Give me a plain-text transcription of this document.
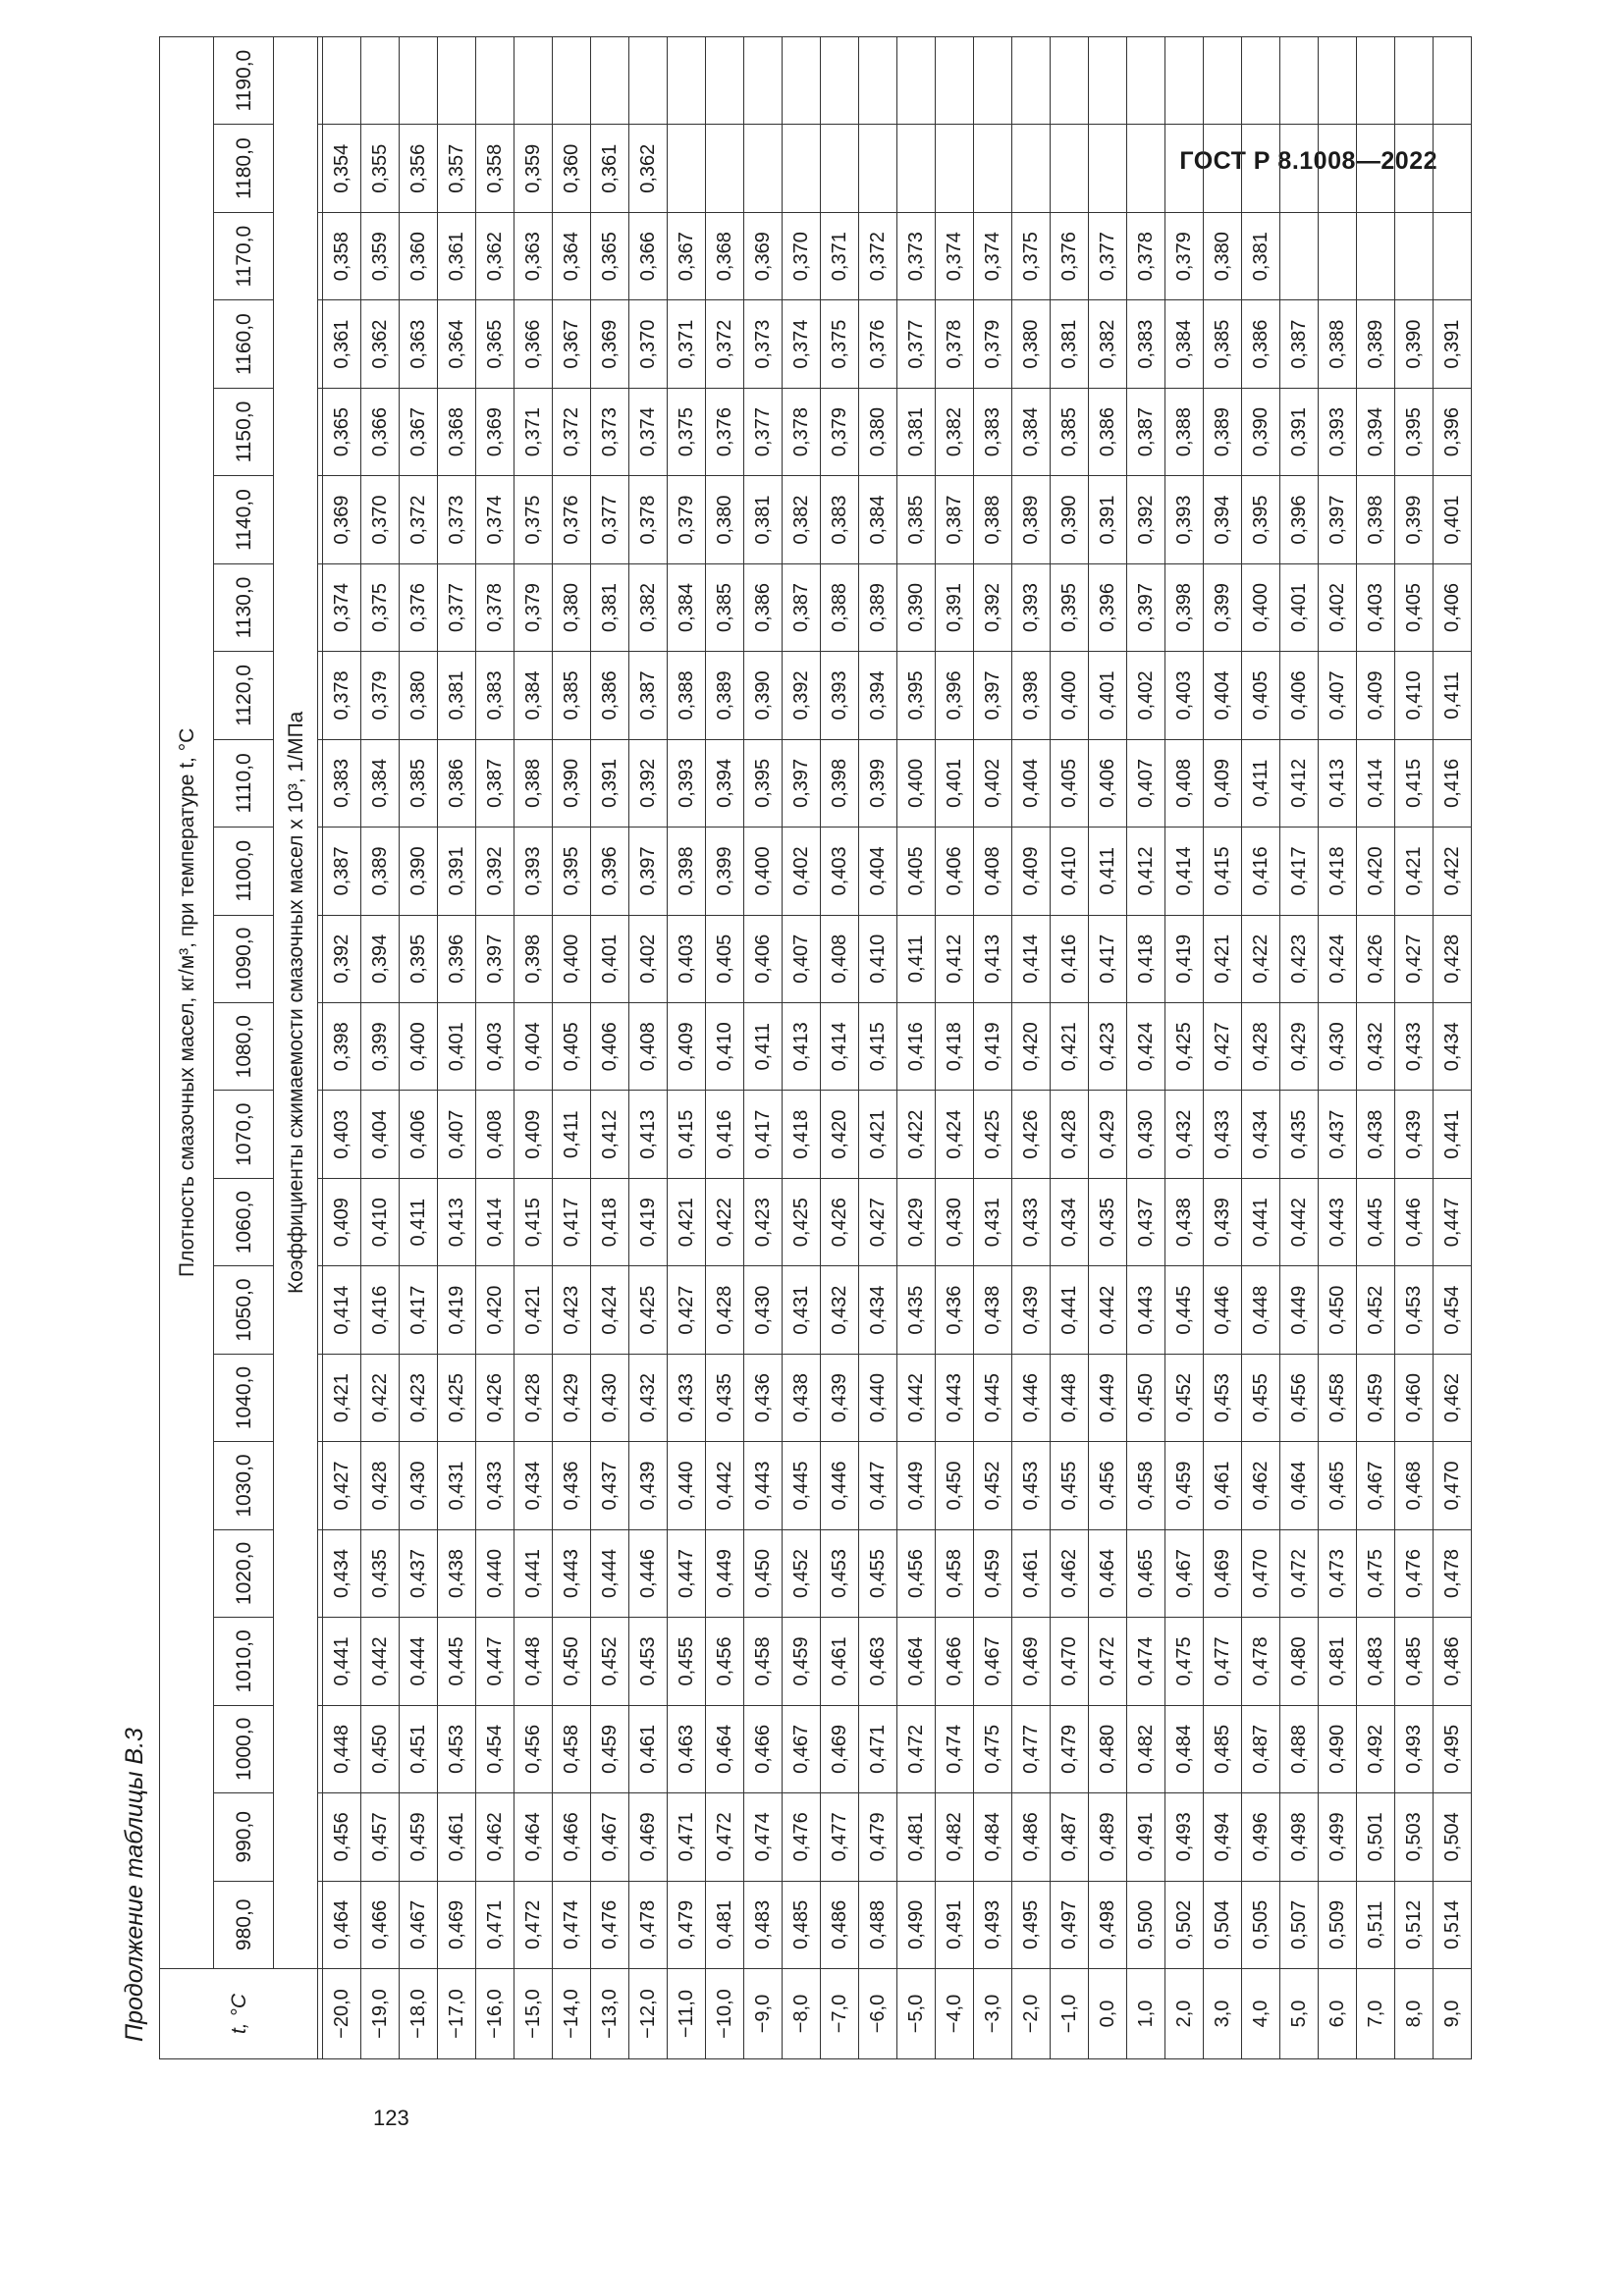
ГОСТ Р 8.1008—2022
Продолжение таблицы В.3	t, °C	Плотность смазочных масел, кг/м³, при температуре t, °C																					
	980,0	990,0	1000,0	1010,0	1020,0	1030,0	1040,0	1050,0	1060,0	1070,0	1080,0	1090,0	1100,0	1110,0	1120,0	1130,0	1140,0	1150,0	1160,0	1170,0	1180,0	1190,0
	Коэффициенты сжимаемости смазочных масел x 10³, 1/МПа																					

−20,0	0,464	0,456	0,448	0,441	0,434	0,427	0,421	0,414	0,409	0,403	0,398	0,392	0,387	0,383	0,378	0,374	0,369	0,365	0,361	0,358	0,354	
−19,0	0,466	0,457	0,450	0,442	0,435	0,428	0,422	0,416	0,410	0,404	0,399	0,394	0,389	0,384	0,379	0,375	0,370	0,366	0,362	0,359	0,355	
−18,0	0,467	0,459	0,451	0,444	0,437	0,430	0,423	0,417	0,411	0,406	0,400	0,395	0,390	0,385	0,380	0,376	0,372	0,367	0,363	0,360	0,356	
−17,0	0,469	0,461	0,453	0,445	0,438	0,431	0,425	0,419	0,413	0,407	0,401	0,396	0,391	0,386	0,381	0,377	0,373	0,368	0,364	0,361	0,357	
−16,0	0,471	0,462	0,454	0,447	0,440	0,433	0,426	0,420	0,414	0,408	0,403	0,397	0,392	0,387	0,383	0,378	0,374	0,369	0,365	0,362	0,358	
−15,0	0,472	0,464	0,456	0,448	0,441	0,434	0,428	0,421	0,415	0,409	0,404	0,398	0,393	0,388	0,384	0,379	0,375	0,371	0,366	0,363	0,359	
−14,0	0,474	0,466	0,458	0,450	0,443	0,436	0,429	0,423	0,417	0,411	0,405	0,400	0,395	0,390	0,385	0,380	0,376	0,372	0,367	0,364	0,360	
−13,0	0,476	0,467	0,459	0,452	0,444	0,437	0,430	0,424	0,418	0,412	0,406	0,401	0,396	0,391	0,386	0,381	0,377	0,373	0,369	0,365	0,361	
−12,0	0,478	0,469	0,461	0,453	0,446	0,439	0,432	0,425	0,419	0,413	0,408	0,402	0,397	0,392	0,387	0,382	0,378	0,374	0,370	0,366	0,362	
−11,0	0,479	0,471	0,463	0,455	0,447	0,440	0,433	0,427	0,421	0,415	0,409	0,403	0,398	0,393	0,388	0,384	0,379	0,375	0,371	0,367		
−10,0	0,481	0,472	0,464	0,456	0,449	0,442	0,435	0,428	0,422	0,416	0,410	0,405	0,399	0,394	0,389	0,385	0,380	0,376	0,372	0,368		
−9,0	0,483	0,474	0,466	0,458	0,450	0,443	0,436	0,430	0,423	0,417	0,411	0,406	0,400	0,395	0,390	0,386	0,381	0,377	0,373	0,369		
−8,0	0,485	0,476	0,467	0,459	0,452	0,445	0,438	0,431	0,425	0,418	0,413	0,407	0,402	0,397	0,392	0,387	0,382	0,378	0,374	0,370		
−7,0	0,486	0,477	0,469	0,461	0,453	0,446	0,439	0,432	0,426	0,420	0,414	0,408	0,403	0,398	0,393	0,388	0,383	0,379	0,375	0,371		
−6,0	0,488	0,479	0,471	0,463	0,455	0,447	0,440	0,434	0,427	0,421	0,415	0,410	0,404	0,399	0,394	0,389	0,384	0,380	0,376	0,372		
−5,0	0,490	0,481	0,472	0,464	0,456	0,449	0,442	0,435	0,429	0,422	0,416	0,411	0,405	0,400	0,395	0,390	0,385	0,381	0,377	0,373		
−4,0	0,491	0,482	0,474	0,466	0,458	0,450	0,443	0,436	0,430	0,424	0,418	0,412	0,406	0,401	0,396	0,391	0,387	0,382	0,378	0,374		
−3,0	0,493	0,484	0,475	0,467	0,459	0,452	0,445	0,438	0,431	0,425	0,419	0,413	0,408	0,402	0,397	0,392	0,388	0,383	0,379	0,374		
−2,0	0,495	0,486	0,477	0,469	0,461	0,453	0,446	0,439	0,433	0,426	0,420	0,414	0,409	0,404	0,398	0,393	0,389	0,384	0,380	0,375		
−1,0	0,497	0,487	0,479	0,470	0,462	0,455	0,448	0,441	0,434	0,428	0,421	0,416	0,410	0,405	0,400	0,395	0,390	0,385	0,381	0,376		
0,0	0,498	0,489	0,480	0,472	0,464	0,456	0,449	0,442	0,435	0,429	0,423	0,417	0,411	0,406	0,401	0,396	0,391	0,386	0,382	0,377		
1,0	0,500	0,491	0,482	0,474	0,465	0,458	0,450	0,443	0,437	0,430	0,424	0,418	0,412	0,407	0,402	0,397	0,392	0,387	0,383	0,378		
2,0	0,502	0,493	0,484	0,475	0,467	0,459	0,452	0,445	0,438	0,432	0,425	0,419	0,414	0,408	0,403	0,398	0,393	0,388	0,384	0,379		
3,0	0,504	0,494	0,485	0,477	0,469	0,461	0,453	0,446	0,439	0,433	0,427	0,421	0,415	0,409	0,404	0,399	0,394	0,389	0,385	0,380		
4,0	0,505	0,496	0,487	0,478	0,470	0,462	0,455	0,448	0,441	0,434	0,428	0,422	0,416	0,411	0,405	0,400	0,395	0,390	0,386	0,381		
5,0	0,507	0,498	0,488	0,480	0,472	0,464	0,456	0,449	0,442	0,435	0,429	0,423	0,417	0,412	0,406	0,401	0,396	0,391	0,387			
6,0	0,509	0,499	0,490	0,481	0,473	0,465	0,458	0,450	0,443	0,437	0,430	0,424	0,418	0,413	0,407	0,402	0,397	0,393	0,388			
7,0	0,511	0,501	0,492	0,483	0,475	0,467	0,459	0,452	0,445	0,438	0,432	0,426	0,420	0,414	0,409	0,403	0,398	0,394	0,389			
8,0	0,512	0,503	0,493	0,485	0,476	0,468	0,460	0,453	0,446	0,439	0,433	0,427	0,421	0,415	0,410	0,405	0,399	0,395	0,390			
9,0	0,514	0,504	0,495	0,486	0,478	0,470	0,462	0,454	0,447	0,441	0,434	0,428	0,422	0,416	0,411	0,406	0,401	0,396	0,391			
123
